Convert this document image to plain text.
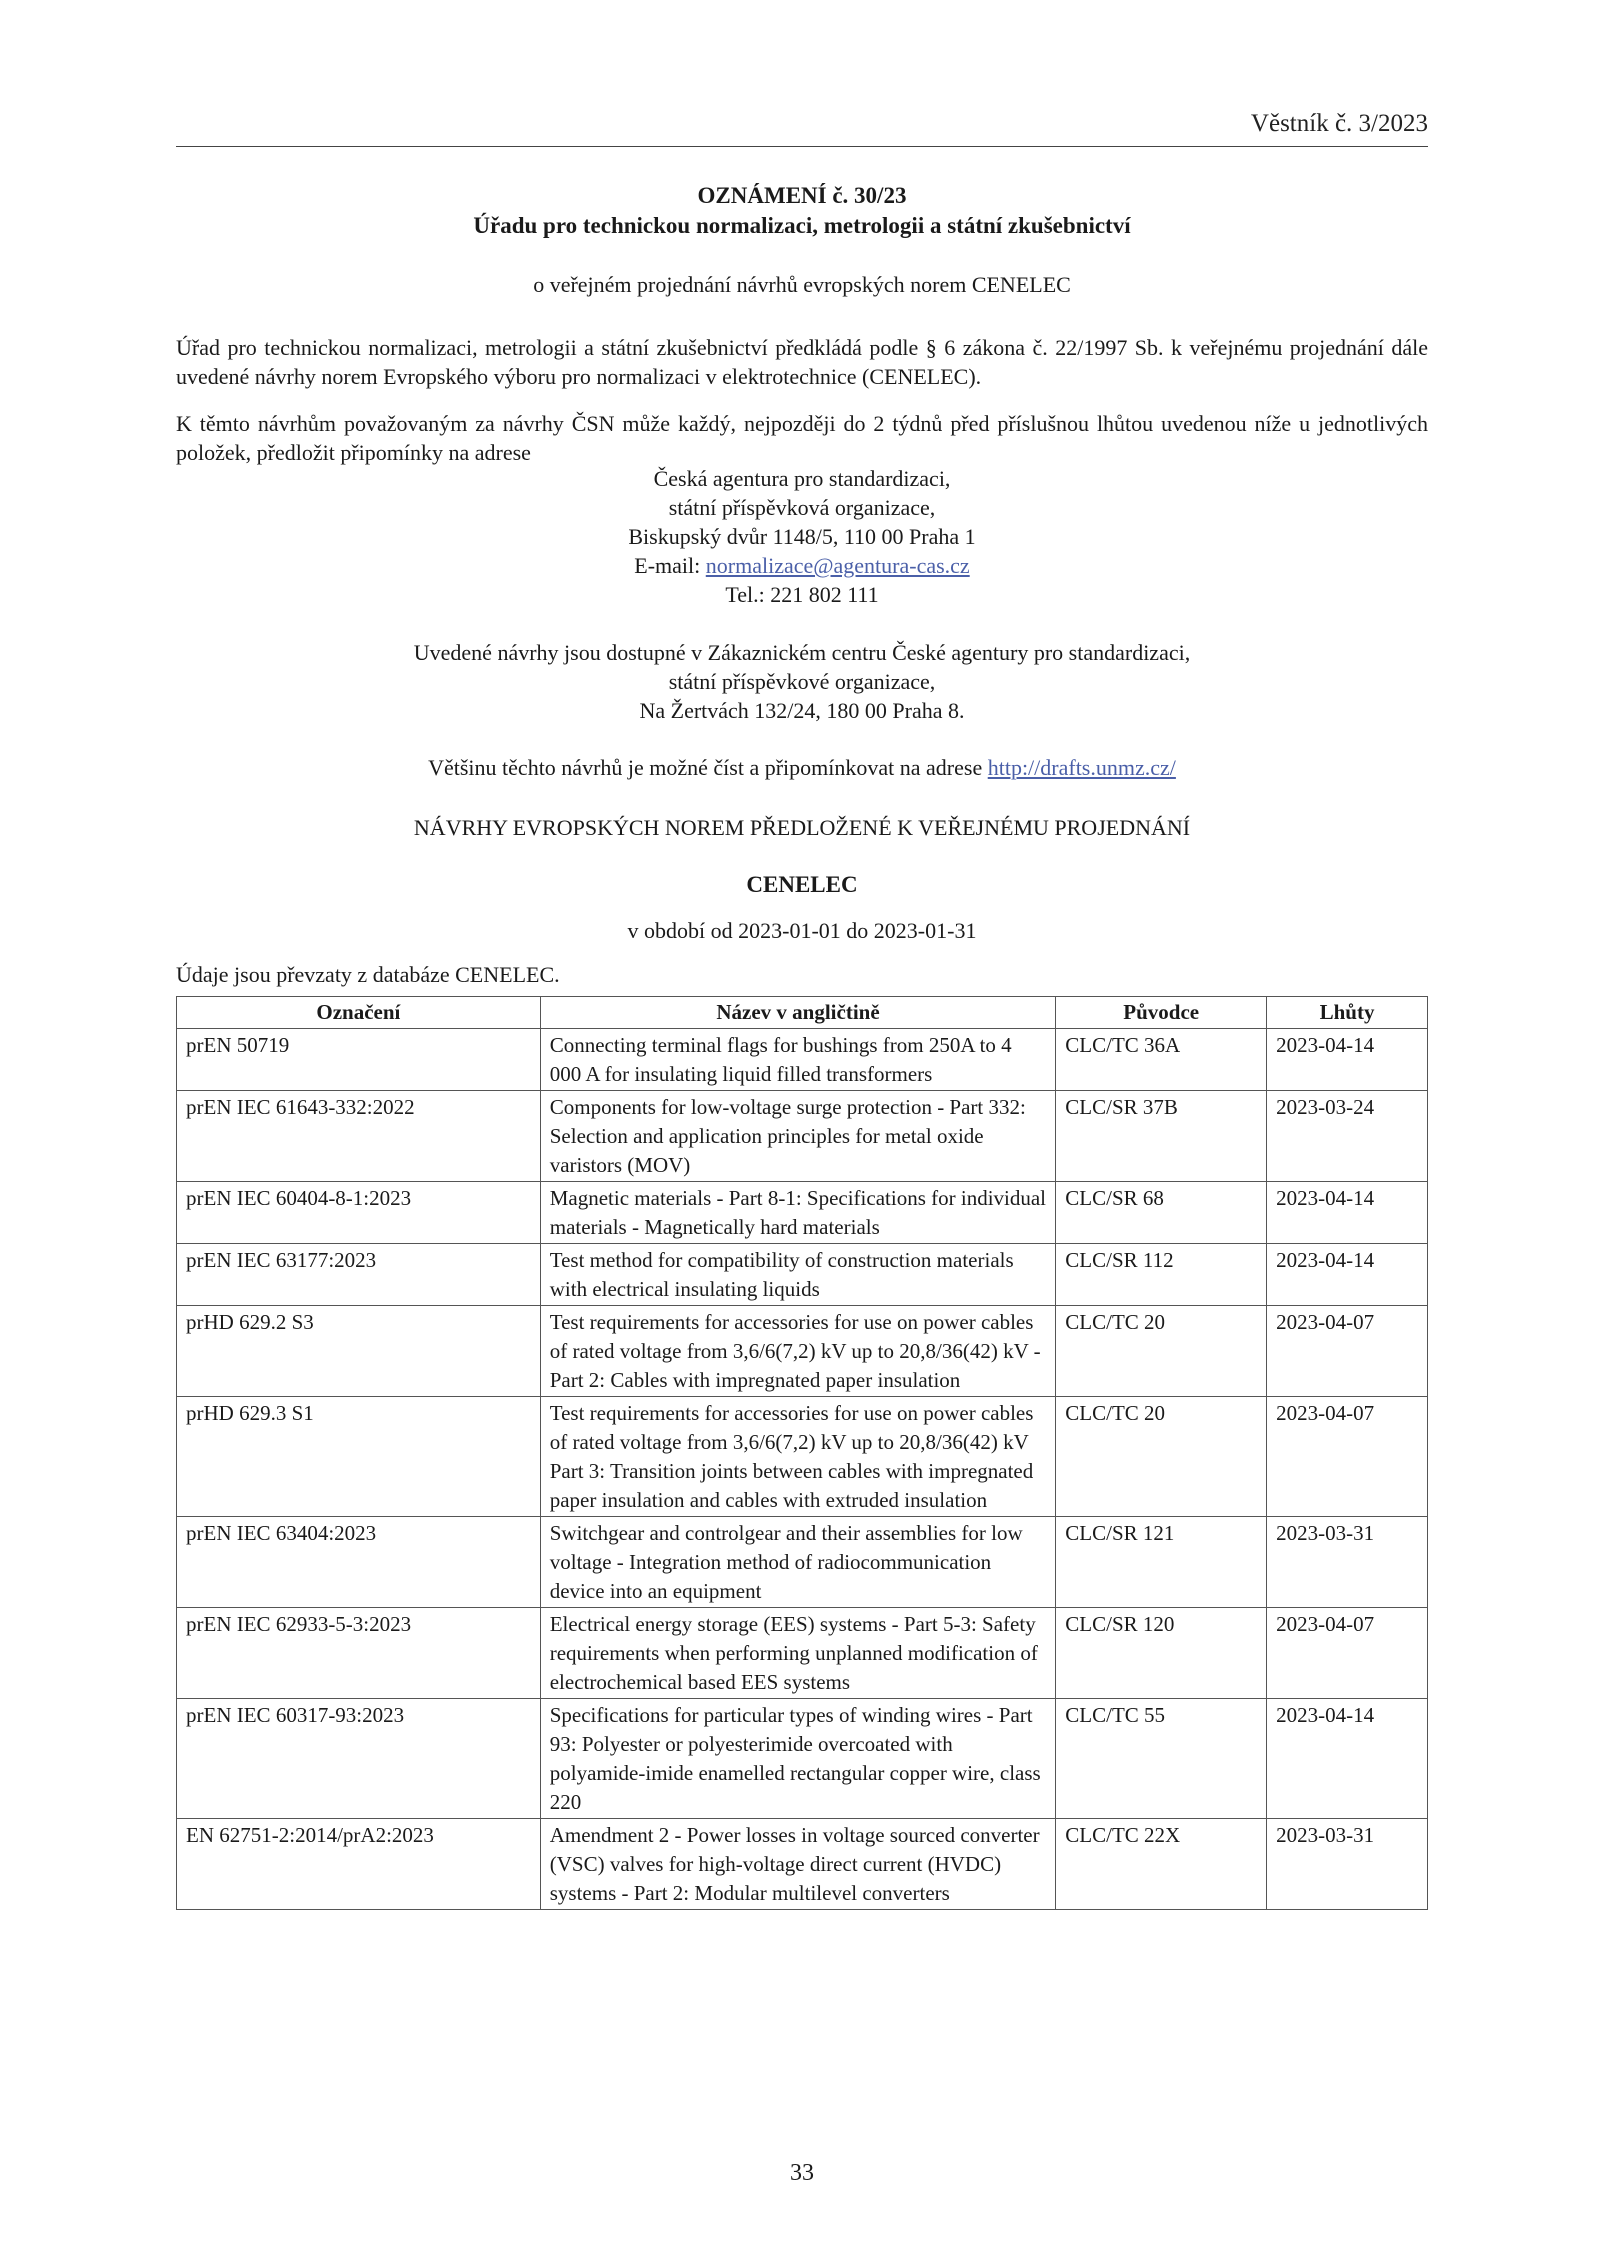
Věstník č. 3/2023
OZNÁMENÍ č. 30/23
Úřadu pro technickou normalizaci, metrologii a státní zkušebnictví
o veřejném projednání návrhů evropských norem CENELEC
Úřad pro technickou normalizaci, metrologii a státní zkušebnictví předkládá podle § 6 zákona č. 22/1997 Sb. k veřejnému projednání dále uvedené návrhy norem Evropského výboru pro normalizaci v elektrotechnice (CENELEC).
K těmto návrhům považovaným za návrhy ČSN může každý, nejpozději do 2 týdnů před příslušnou lhůtou uvedenou níže u jednotlivých položek, předložit připomínky na adrese
Česká agentura pro standardizaci,
státní příspěvková organizace,
Biskupský dvůr 1148/5, 110 00 Praha 1
E-mail: normalizace@agentura-cas.cz
Tel.: 221 802 111
Uvedené návrhy jsou dostupné v Zákaznickém centru České agentury pro standardizaci,
státní příspěvkové organizace,
Na Žertvách 132/24, 180 00 Praha 8.
Většinu těchto návrhů je možné číst a připomínkovat na adrese http://drafts.unmz.cz/
NÁVRHY EVROPSKÝCH NOREM PŘEDLOŽENÉ K VEŘEJNÉMU PROJEDNÁNÍ
CENELEC
v období od 2023-01-01 do 2023-01-31
Údaje jsou převzaty z databáze CENELEC.
Označení	Název v angličtině	Původce	Lhůty
prEN 50719	Connecting terminal flags for bushings from 250A to 4 000 A for insulating liquid filled transformers	CLC/TC 36A	2023-04-14
prEN IEC 61643-332:2022	Components for low-voltage surge protection - Part 332: Selection and application principles for metal oxide varistors (MOV)	CLC/SR 37B	2023-03-24
prEN IEC 60404-8-1:2023	Magnetic materials - Part 8-1: Specifications for individual materials - Magnetically hard materials	CLC/SR 68	2023-04-14
prEN IEC 63177:2023	Test method for compatibility of construction materials with electrical insulating liquids	CLC/SR 112	2023-04-14
prHD 629.2 S3	Test requirements for accessories for use on power cables of rated voltage from 3,6/6(7,2) kV up to 20,8/36(42) kV - Part 2: Cables with impregnated paper insulation	CLC/TC 20	2023-04-07
prHD 629.3 S1	Test requirements for accessories for use on power cables of rated voltage from 3,6/6(7,2) kV up to 20,8/36(42) kV Part 3: Transition joints between cables with impregnated paper insulation and cables with extruded insulation	CLC/TC 20	2023-04-07
prEN IEC 63404:2023	Switchgear and controlgear and their assemblies for low voltage - Integration method of radiocommunication device into an equipment	CLC/SR 121	2023-03-31
prEN IEC 62933-5-3:2023	Electrical energy storage (EES) systems - Part 5-3: Safety requirements when performing unplanned modification of electrochemical based EES systems	CLC/SR 120	2023-04-07
prEN IEC 60317-93:2023	Specifications for particular types of winding wires - Part 93: Polyester or polyesterimide overcoated with polyamide-imide enamelled rectangular copper wire, class 220	CLC/TC 55	2023-04-14
EN 62751-2:2014/prA2:2023	Amendment 2 - Power losses in voltage sourced converter (VSC) valves for high-voltage direct current (HVDC) systems - Part 2: Modular multilevel converters	CLC/TC 22X	2023-03-31
33
